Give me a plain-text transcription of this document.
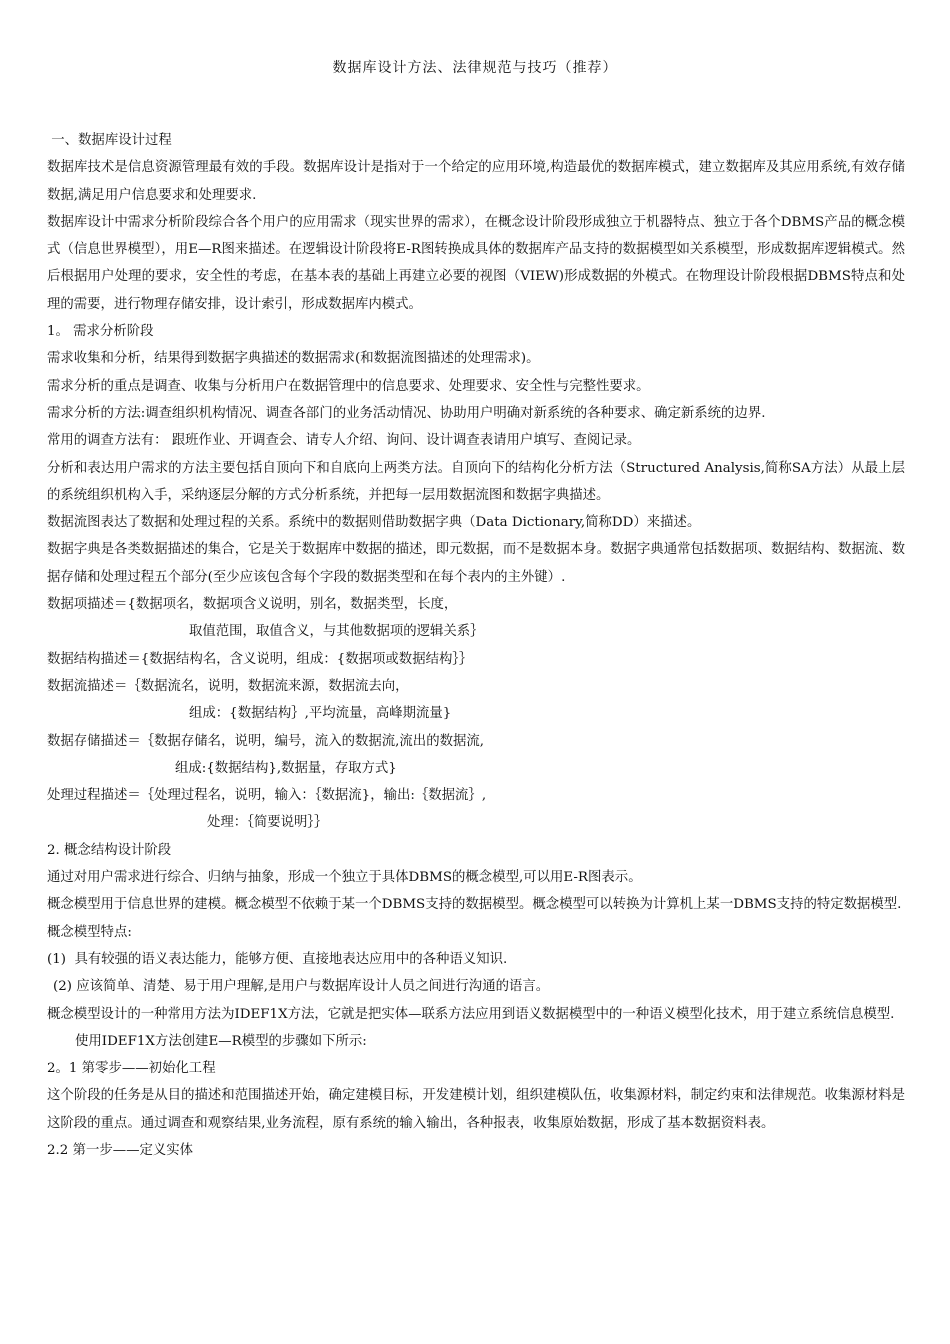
数据库设计方法、法律规范与技巧（推荐）

一、数据库设计过程

数据库技术是信息资源管理最有效的手段。数据库设计是指对于一个给定的应用环境,构造最优的数据库模式，建立数据库及其应用系统,有效存储数据,满足用户信息要求和处理要求.

数据库设计中需求分析阶段综合各个用户的应用需求（现实世界的需求），在概念设计阶段形成独立于机器特点、独立于各个DBMS产品的概念模式（信息世界模型），用E—R图来描述。在逻辑设计阶段将E-R图转换成具体的数据库产品支持的数据模型如关系模型，形成数据库逻辑模式。然后根据用户处理的要求，安全性的考虑，在基本表的基础上再建立必要的视图（VIEW)形成数据的外模式。在物理设计阶段根据DBMS特点和处理的需要，进行物理存储安排，设计索引，形成数据库内模式。

1。 需求分析阶段

需求收集和分析，结果得到数据字典描述的数据需求(和数据流图描述的处理需求)。

需求分析的重点是调查、收集与分析用户在数据管理中的信息要求、处理要求、安全性与完整性要求。

需求分析的方法:调查组织机构情况、调查各部门的业务活动情况、协助用户明确对新系统的各种要求、确定新系统的边界.

常用的调查方法有： 跟班作业、开调查会、请专人介绍、询问、设计调查表请用户填写、查阅记录。

分析和表达用户需求的方法主要包括自顶向下和自底向上两类方法。自顶向下的结构化分析方法（Structured Analysis,简称SA方法）从最上层的系统组织机构入手，采纳逐层分解的方式分析系统，并把每一层用数据流图和数据字典描述。

数据流图表达了数据和处理过程的关系。系统中的数据则借助数据字典（Data Dictionary,简称DD）来描述。

数据字典是各类数据描述的集合，它是关于数据库中数据的描述，即元数据，而不是数据本身。数据字典通常包括数据项、数据结构、数据流、数据存储和处理过程五个部分(至少应该包含每个字段的数据类型和在每个表内的主外键）.

数据项描述＝{数据项名，数据项含义说明，别名，数据类型，长度，

取值范围，取值含义，与其他数据项的逻辑关系｝

数据结构描述＝{数据结构名，含义说明，组成：{数据项或数据结构｝｝

数据流描述＝｛数据流名，说明，数据流来源，数据流去向，

组成：{数据结构｝,平均流量，高峰期流量}

数据存储描述＝｛数据存储名，说明，编号，流入的数据流,流出的数据流,

组成:{数据结构},数据量，存取方式}

处理过程描述＝｛处理过程名，说明，输入：｛数据流}，输出:｛数据流｝,

处理：｛简要说明｝｝

2. 概念结构设计阶段

通过对用户需求进行综合、归纳与抽象，形成一个独立于具体DBMS的概念模型,可以用E-R图表示。

概念模型用于信息世界的建模。概念模型不依赖于某一个DBMS支持的数据模型。概念模型可以转换为计算机上某一DBMS支持的特定数据模型.

概念模型特点:

(1)  具有较强的语义表达能力，能够方便、直接地表达应用中的各种语义知识.

(2) 应该简单、清楚、易于用户理解,是用户与数据库设计人员之间进行沟通的语言。

概念模型设计的一种常用方法为IDEF1X方法，它就是把实体—联系方法应用到语义数据模型中的一种语义模型化技术，用于建立系统信息模型.

使用IDEF1X方法创建E—R模型的步骤如下所示:

2。1 第零步——初始化工程

这个阶段的任务是从目的描述和范围描述开始，确定建模目标，开发建模计划，组织建模队伍，收集源材料，制定约束和法律规范。收集源材料是这阶段的重点。通过调查和观察结果,业务流程，原有系统的输入输出，各种报表，收集原始数据，形成了基本数据资料表。

2.2 第一步——定义实体
